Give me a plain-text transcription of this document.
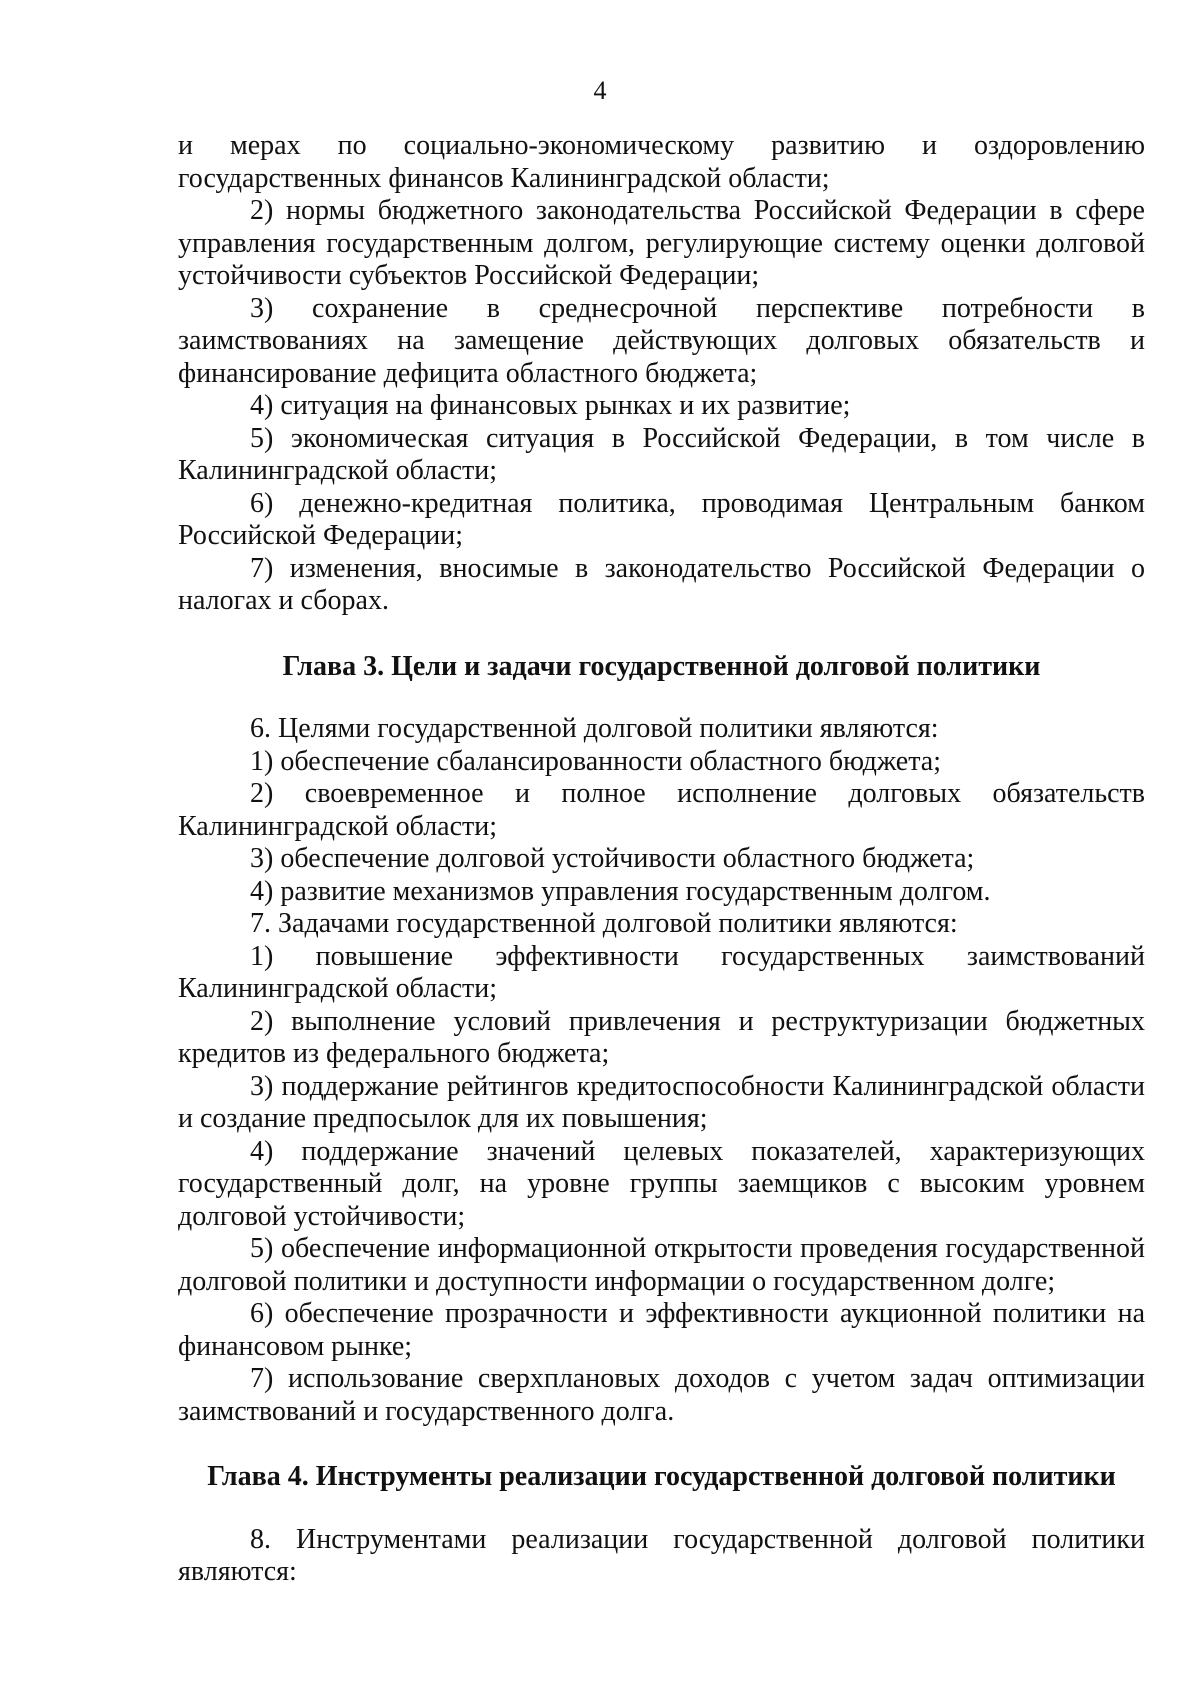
4

и мерах по социально-экономическому развитию и оздоровлению государственных финансов Калининградской области;

2) нормы бюджетного законодательства Российской Федерации в сфере управления государственным долгом, регулирующие систему оценки долговой устойчивости субъектов Российской Федерации;

3) сохранение в среднесрочной перспективе потребности в заимствованиях на замещение действующих долговых обязательств и финансирование дефицита областного бюджета;

4) ситуация на финансовых рынках и их развитие;

5) экономическая ситуация в Российской Федерации, в том числе в Калининградской области;

6) денежно-кредитная политика, проводимая Центральным банком Российской Федерации;

7) изменения, вносимые в законодательство Российской Федерации о налогах и сборах.

Глава 3. Цели и задачи государственной долговой политики

6. Целями государственной долговой политики являются:

1) обеспечение сбалансированности областного бюджета;

2) своевременное и полное исполнение долговых обязательств Калининградской области;

3) обеспечение долговой устойчивости областного бюджета;

4) развитие механизмов управления государственным долгом.

7. Задачами государственной долговой политики являются:

1) повышение эффективности государственных заимствований Калининградской области;

2) выполнение условий привлечения и реструктуризации бюджетных кредитов из федерального бюджета;

3) поддержание рейтингов кредитоспособности Калининградской области и создание предпосылок для их повышения;

4) поддержание значений целевых показателей, характеризующих государственный долг, на уровне группы заемщиков с высоким уровнем долговой устойчивости;

5) обеспечение информационной открытости проведения государственной долговой политики и доступности информации о государственном долге;

6) обеспечение прозрачности и эффективности аукционной политики на финансовом рынке;

7) использование сверхплановых доходов с учетом задач оптимизации заимствований и государственного долга.

Глава 4. Инструменты реализации государственной долговой политики

8. Инструментами реализации государственной долговой политики являются:
